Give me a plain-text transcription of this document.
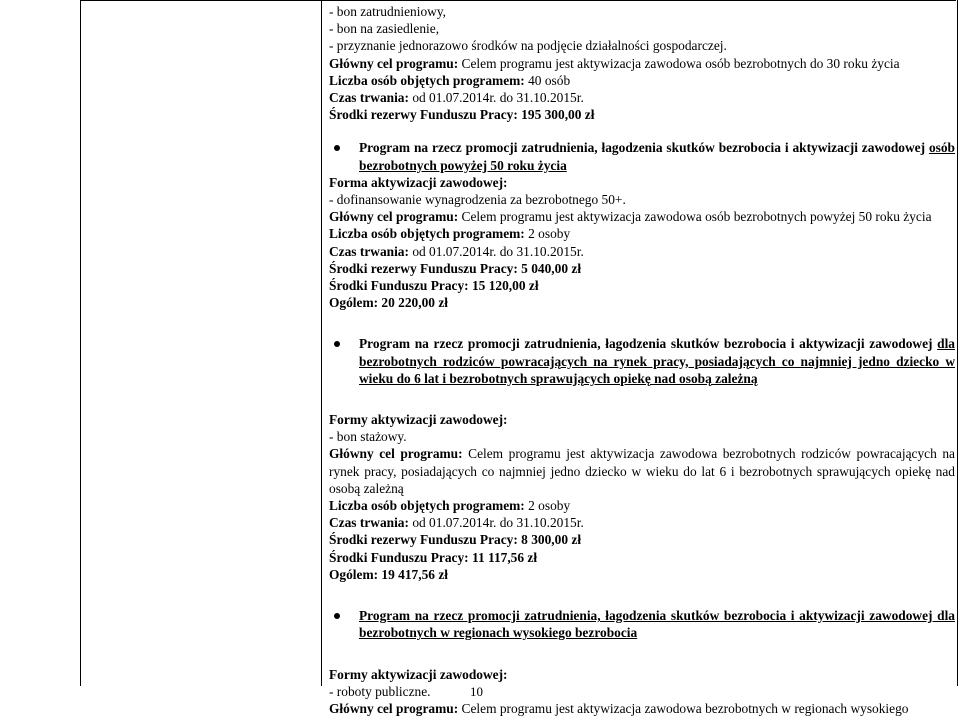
- bon zatrudnieniowy,
- bon na zasiedlenie,
- przyznanie jednorazowo środków na podjęcie działalności gospodarczej.
Główny cel programu: Celem programu jest aktywizacja zawodowa osób bezrobotnych do 30 roku życia
Liczba osób objętych programem: 40 osób
Czas trwania: od 01.07.2014r. do 31.10.2015r.
Środki rezerwy Funduszu Pracy: 195 300,00 zł
Program na rzecz promocji zatrudnienia, łagodzenia skutków bezrobocia i aktywizacji zawodowej osób bezrobotnych powyżej 50 roku życia
Forma aktywizacji zawodowej:
- dofinansowanie wynagrodzenia za bezrobotnego 50+.
Główny cel programu: Celem programu jest aktywizacja zawodowa osób bezrobotnych powyżej 50 roku życia
Liczba osób objętych programem: 2 osoby
Czas trwania: od 01.07.2014r. do 31.10.2015r.
Środki rezerwy Funduszu Pracy: 5 040,00 zł
Środki Funduszu Pracy: 15 120,00 zł
Ogólem: 20 220,00 zł
Program na rzecz promocji zatrudnienia, łagodzenia skutków bezrobocia i aktywizacji zawodowej dla bezrobotnych rodziców powracających na rynek pracy, posiadających co najmniej jedno dziecko w wieku do 6 lat i bezrobotnych sprawujących opiekę nad osobą zależną
Formy aktywizacji zawodowej:
- bon stażowy.
Główny cel programu: Celem programu jest aktywizacja zawodowa bezrobotnych rodziców powracających na rynek pracy, posiadających co najmniej jedno dziecko w wieku do lat 6 i bezrobotnych sprawujących opiekę nad osobą zależną
Liczba osób objętych programem: 2 osoby
Czas trwania: od 01.07.2014r. do 31.10.2015r.
Środki rezerwy Funduszu Pracy: 8 300,00 zł
Środki Funduszu Pracy: 11 117,56 zł
Ogólem: 19 417,56 zł
Program na rzecz promocji zatrudnienia, łagodzenia skutków bezrobocia i aktywizacji zawodowej dla bezrobotnych w regionach wysokiego bezrobocia
Formy aktywizacji zawodowej:
- roboty publiczne.
Główny cel programu: Celem programu jest aktywizacja zawodowa bezrobotnych w regionach wysokiego
10
